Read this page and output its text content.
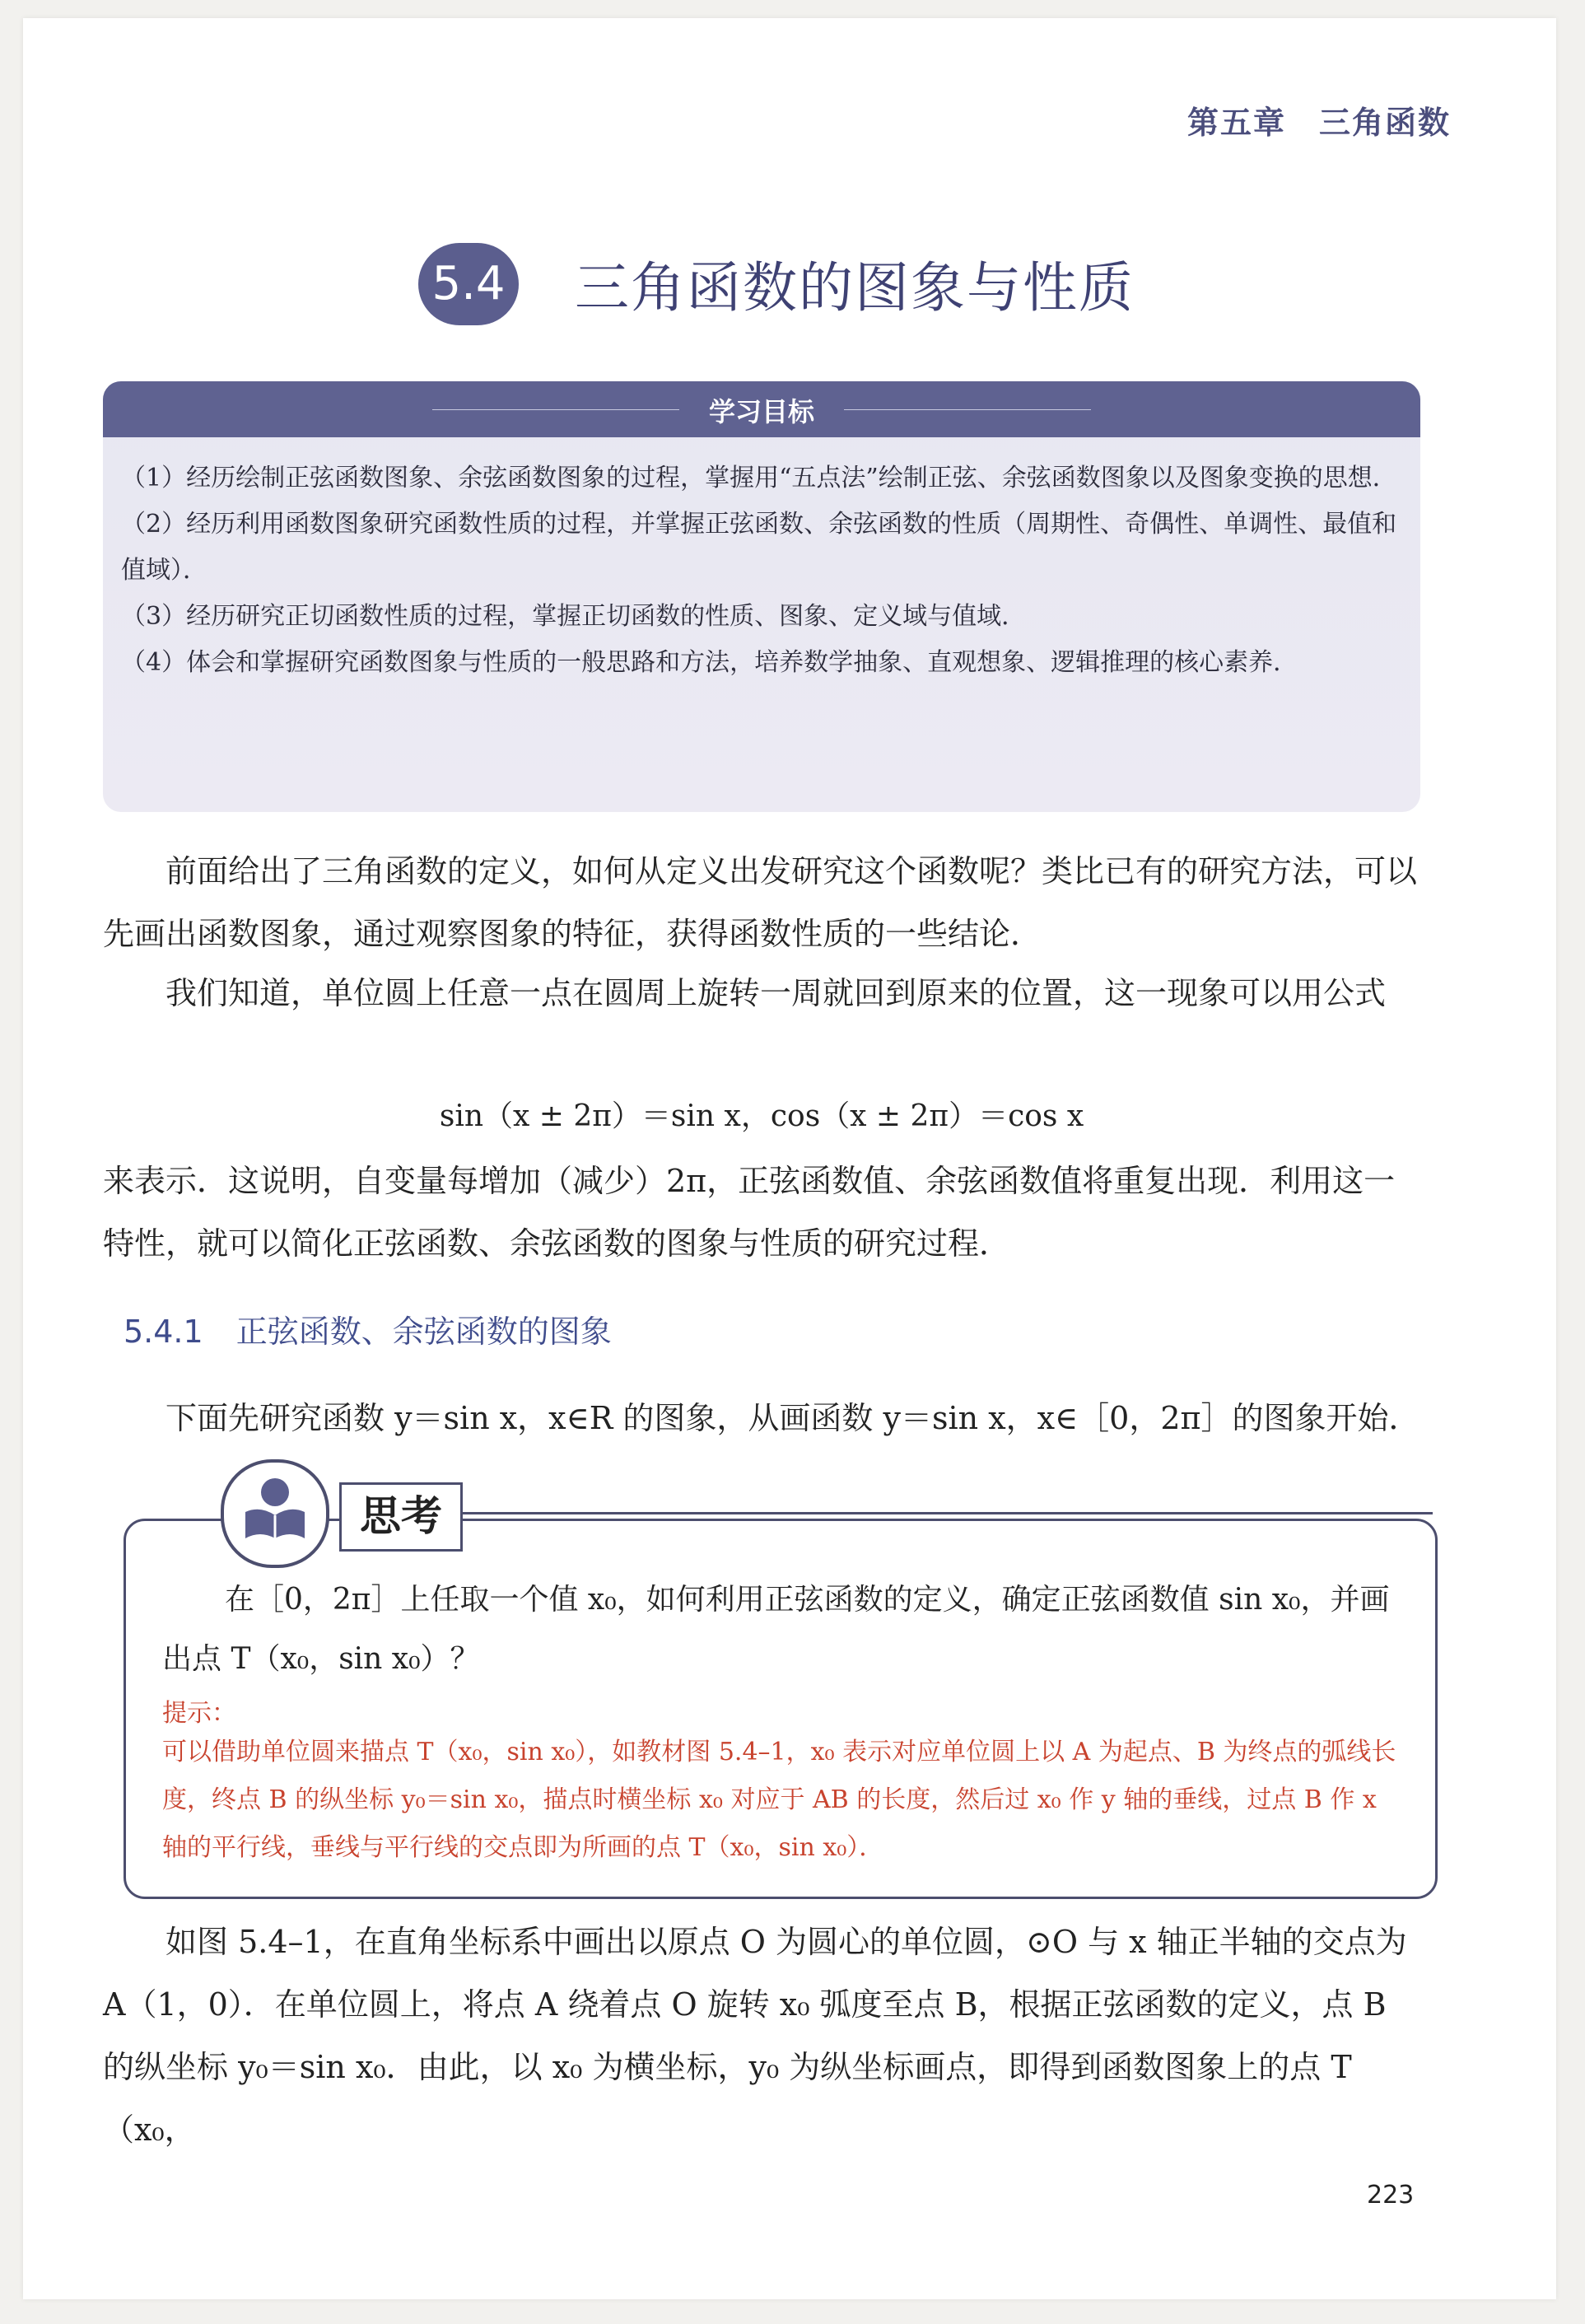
第五章　三角函数
5.4 三角函数的图象与性质
学习目标

（1）经历绘制正弦函数图象、余弦函数图象的过程，掌握用“五点法”绘制正弦、余弦函数图象以及图象变换的思想．

（2）经历利用函数图象研究函数性质的过程，并掌握正弦函数、余弦函数的性质（周期性、奇偶性、单调性、最值和值域）．

（3）经历研究正切函数性质的过程，掌握正切函数的性质、图象、定义域与值域．

（4）体会和掌握研究函数图象与性质的一般思路和方法，培养数学抽象、直观想象、逻辑推理的核心素养．

前面给出了三角函数的定义，如何从定义出发研究这个函数呢？类比已有的研究方法，可以先画出函数图象，通过观察图象的特征，获得函数性质的一些结论．

我们知道，单位圆上任意一点在圆周上旋转一周就回到原来的位置，这一现象可以用公式

sin（x ± 2π）＝sin x，cos（x ± 2π）＝cos x

来表示．这说明，自变量每增加（减少）2π，正弦函数值、余弦函数值将重复出现．利用这一特性，就可以简化正弦函数、余弦函数的图象与性质的研究过程．

5.4.1 正弦函数、余弦函数的图象

下面先研究函数 y＝sin x，x∈R 的图象，从画函数 y＝sin x，x∈［0，2π］的图象开始．

在［0，2π］上任取一个值 x₀，如何利用正弦函数的定义，确定正弦函数值 sin x₀，并画出点 T（x₀，sin x₀）？

提示：
可以借助单位圆来描点 T（x₀，sin x₀），如教材图 5.4–1，x₀ 表示对应单位圆上以 A 为起点、B 为终点的弧线长度，终点 B 的纵坐标 y₀＝sin x₀，描点时横坐标 x₀ 对应于 AB 的长度，然后过 x₀ 作 y 轴的垂线，过点 B 作 x 轴的平行线，垂线与平行线的交点即为所画的点 T（x₀，sin x₀）．
思考

如图 5.4–1，在直角坐标系中画出以原点 O 为圆心的单位圆，⊙O 与 x 轴正半轴的交点为 A（1，0）．在单位圆上，将点 A 绕着点 O 旋转 x₀ 弧度至点 B，根据正弦函数的定义，点 B 的纵坐标 y₀＝sin x₀．由此，以 x₀ 为横坐标，y₀ 为纵坐标画点，即得到函数图象上的点 T（x₀，

223
